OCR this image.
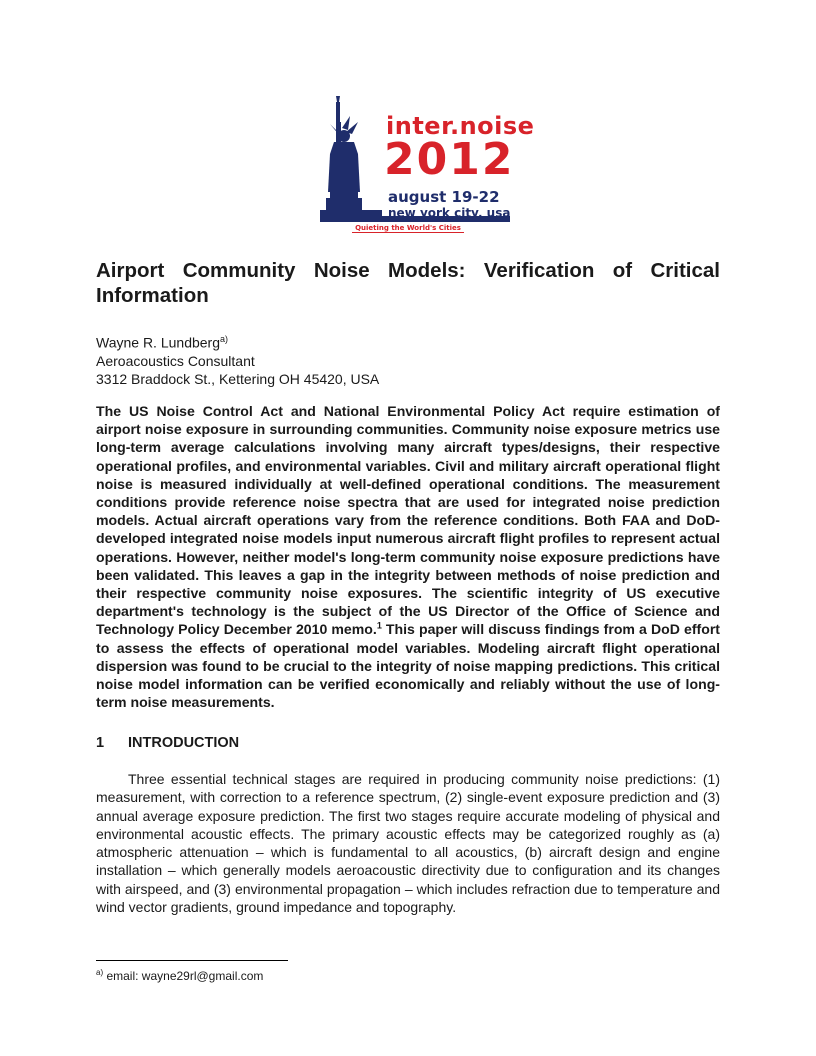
inter.noise
2012
august 19-22
new york city, usa
Quieting the World's Cities
Airport Community Noise Models: Verification of Critical Information
Wayne R. Lundberg$^{a)}$
Aeroacoustics Consultant
3312 Braddock St., Kettering OH 45420, USA

The US Noise Control Act and National Environmental Policy Act require estimation of airport noise exposure in surrounding communities. Community noise exposure metrics use long-term average calculations involving many aircraft types/designs, their respective operational profiles, and environmental variables. Civil and military aircraft operational flight noise is measured individually at well-defined operational conditions. The measurement conditions provide reference noise spectra that are used for integrated noise prediction models. Actual aircraft operations vary from the reference conditions. Both FAA and DoD-developed integrated noise models input numerous aircraft flight profiles to represent actual operations. However, neither model's long-term community noise exposure predictions have been validated. This leaves a gap in the integrity between methods of noise prediction and their respective community noise exposures. The scientific integrity of US executive department's technology is the subject of the US Director of the Office of Science and Technology Policy December 2010 memo.$^1$ This paper will discuss findings from a DoD effort to assess the effects of operational model variables. Modeling aircraft flight operational dispersion was found to be crucial to the integrity of noise mapping predictions. This critical noise model information can be verified economically and reliably without the use of long-term noise measurements.

1 INTRODUCTION

Three essential technical stages are required in producing community noise predictions: (1) measurement, with correction to a reference spectrum, (2) single-event exposure prediction and (3) annual average exposure prediction. The first two stages require accurate modeling of physical and environmental acoustic effects. The primary acoustic effects may be categorized roughly as (a) atmospheric attenuation – which is fundamental to all acoustics, (b) aircraft design and engine installation – which generally models aeroacoustic directivity due to configuration and its changes with airspeed, and (3) environmental propagation – which includes refraction due to temperature and wind vector gradients, ground impedance and topography.

$^{a)}$ email: wayne29rl@gmail.com
